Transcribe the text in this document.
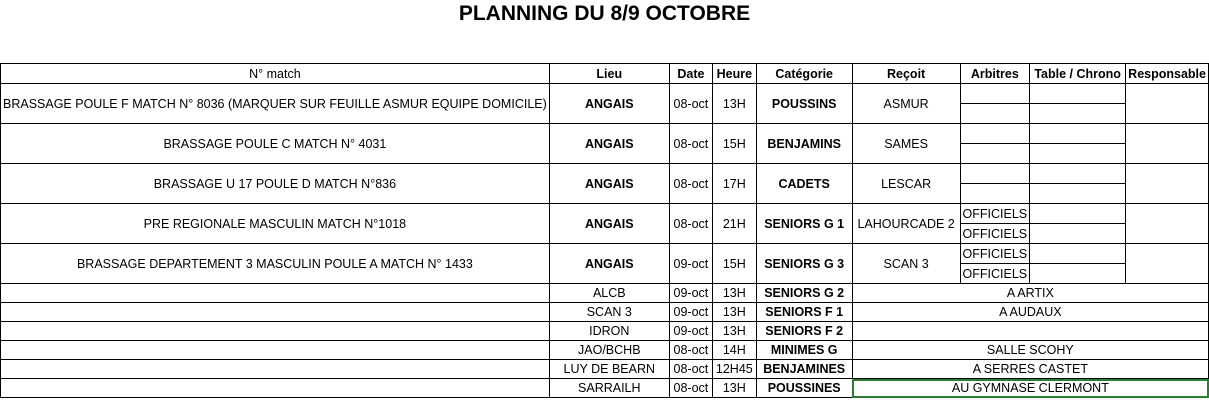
PLANNING DU 8/9 OCTOBRE
N° match	Lieu	Date	Heure	Catégorie	Reçoit	Arbitres	Table / Chrono	Responsable
BRASSAGE POULE F MATCH N° 8036 (MARQUER SUR FEUILLE ASMUR EQUIPE DOMICILE)	ANGAIS	08-oct	13H	POUSSINS	ASMUR			

BRASSAGE POULE C MATCH N° 4031	ANGAIS	08-oct	15H	BENJAMINS	SAMES			

BRASSAGE U 17 POULE D MATCH N°836	ANGAIS	08-oct	17H	CADETS	LESCAR			

PRE REGIONALE MASCULIN MATCH N°1018	ANGAIS	08-oct	21H	SENIORS G 1	LAHOURCADE 2	OFFICIELS		
						OFFICIELS		
BRASSAGE DEPARTEMENT 3 MASCULIN POULE A MATCH N° 1433	ANGAIS	09-oct	15H	SENIORS G 3	SCAN 3	OFFICIELS		
						OFFICIELS		
	ALCB	09-oct	13H	SENIORS G 2	A ARTIX			
	SCAN 3	09-oct	13H	SENIORS F 1	A AUDAUX			
	IDRON	09-oct	13H	SENIORS F 2				
	JAO/BCHB	08-oct	14H	MINIMES G	SALLE SCOHY			
	LUY DE BEARN	08-oct	12H45	BENJAMINES	A SERRES CASTET			
	SARRAILH	08-oct	13H	POUSSINES	AU GYMNASE CLERMONT			
